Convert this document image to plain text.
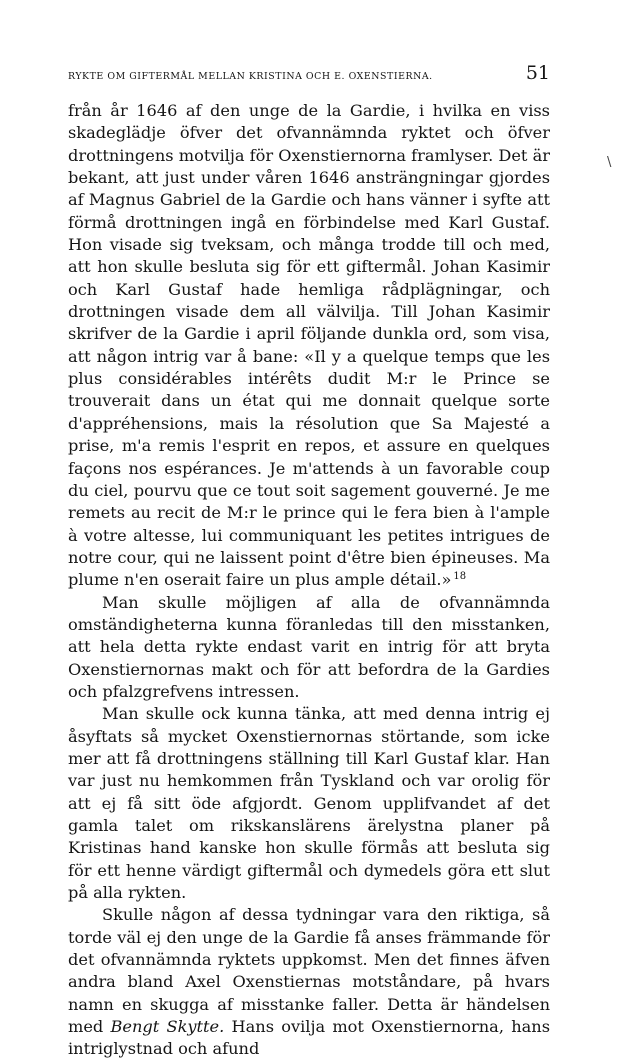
RYKTE OM GIFTERMÅL MELLAN KRISTINA OCH E. OXENSTIERNA.	51

från år 1646 af den unge de la Gardie, i hvilka en viss skadeglädje öfver det ofvannämnda ryktet och öfver drottningens motvilja för Oxenstiernorna framlyser. Det är bekant, att just under våren 1646 ansträngningar gjordes af Magnus Gabriel de la Gardie och hans vänner i syfte att förmå drottningen ingå en förbindelse med Karl Gustaf. Hon visade sig tveksam, och många trodde till och med, att hon skulle besluta sig för ett giftermål. Johan Kasimir och Karl Gustaf hade hemliga rådplägningar, och drottningen visade dem all välvilja. Till Johan Kasimir skrifver de la Gardie i april följande dunkla ord, som visa, att någon intrig var å bane: «Il y a quelque temps que les plus considérables intérêts dudit M:r le Prince se trouverait dans un état qui me donnait quelque sorte d'appréhensions, mais la résolution que Sa Majesté a prise, m'a remis l'esprit en repos, et assure en quelques façons nos espérances. Je m'attends à un favorable coup du ciel, pourvu que ce tout soit sagement gouverné. Je me remets au recit de M:r le prince qui le fera bien à l'ample à votre altesse, lui communiquant les petites intrigues de notre cour, qui ne laissent point d'être bien épineuses. Ma plume n'en oserait faire un plus ample détail.» $^{18}$

Man skulle möjligen af alla de ofvannämnda omständigheterna kunna föranledas till den misstanken, att hela detta rykte endast varit en intrig för att bryta Oxenstiernornas makt och för att befordra de la Gardies och pfalzgrefvens intressen.

Man skulle ock kunna tänka, att med denna intrig ej åsyftats så mycket Oxenstiernornas störtande, som icke mer att få drottningens ställning till Karl Gustaf klar. Han var just nu hemkommen från Tyskland och var orolig för att ej få sitt öde afgjordt. Genom upplifvandet af det gamla talet om rikskanslärens ärelystna planer på Kristinas hand kanske hon skulle förmås att besluta sig för ett henne värdigt giftermål och dymedels göra ett slut på alla rykten.

Skulle någon af dessa tydningar vara den riktiga, så torde väl ej den unge de la Gardie få anses främmande för det ofvannämnda ryktets uppkomst. Men det finnes äfven andra bland Axel Oxenstiernas motståndare, på hvars namn en skugga af misstanke faller. Detta är händelsen med Bengt Skytte. Hans ovilja mot Oxenstiernorna, hans intriglystnad och afund

\
